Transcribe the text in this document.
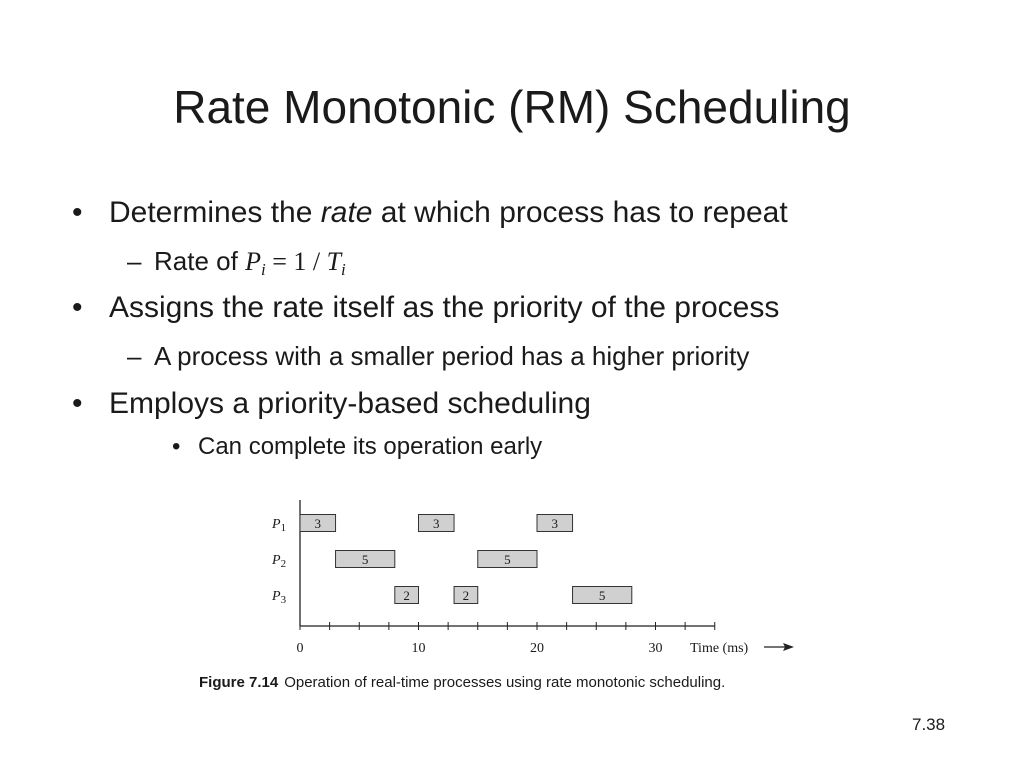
Rate Monotonic (RM) Scheduling
• Determines the rate at which process has to repeat
– Rate of $P_i = 1 / T_i$
• Assigns the rate itself as the priority of the process
– A process with a smaller period has a higher priority
• Employs a priority-based scheduling
• Can complete its operation early
0	10	20	30 Time (ms)
$P_1$ 3	3	3
$P_2$	5	5
$P_3$	2	2	5
Figure 7.14 Operation of real-time processes using rate monotonic scheduling.
7.38
